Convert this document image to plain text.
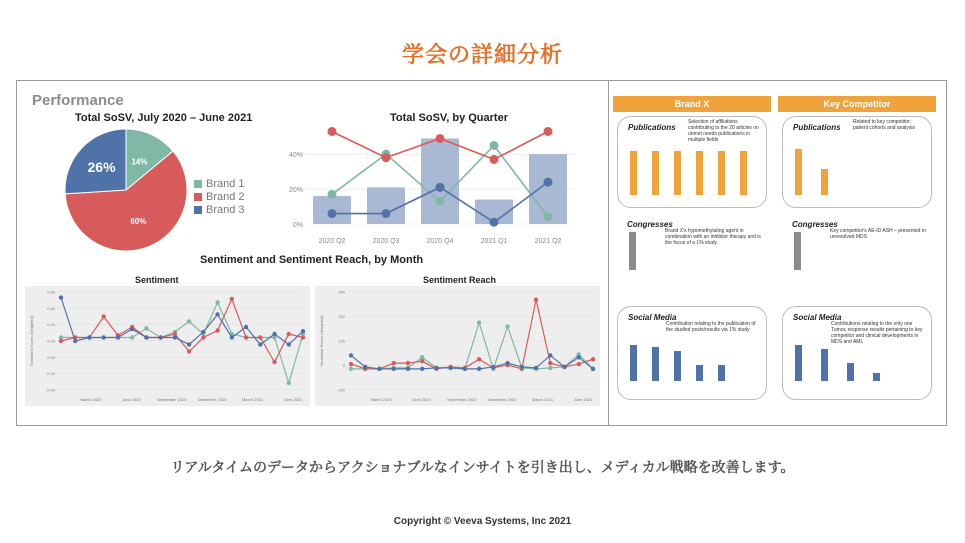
学会の詳細分析
Performance
Total SoSV, July 2020 – June 2021
14%
60%
26%
Brand 1
Brand 2
Brand 3
Total SoSV, by Quarter
0%
20%
40%
2020 Q2	2020 Q3	2020 Q4	2021 Q1	2021 Q2
Sentiment and Sentiment Reach, by Month
Sentiment	Sentiment Reach
0.80
0.60
0.40
0.20
0.00
-0.20
-0.40
Sentiment Score (Weighted)
March 2020	June 2020	September 2020	December 2020	March 2021	June 2021
300
200
100
0
-100
Sentiment Reach (Weighted)
March 2020	June 2020	September 2020	December 2020	March 2021	June 2021
Brand X
Publications
Selection of affiliations contributing to the 20 articles on unmet needs publications in multiple fields
Congresses
Brand X's hypomethylating agent in combination with an inhibitor therapy and is the focus of a 1% study
Social Media
Contribution relating to the publication of the studied posts/results via 1% study
Key Competitor
Publications
Related to key competitor; patient cohorts and analysis
Congresses
Key competitor's AE-ID ASH – presented in unresolved MDS
Social Media
Contributions relating to the only one Tumor, response results pertaining to key competitor and clinical developments in MDS and AML
リアルタイムのデータからアクショナブルなインサイトを引き出し、メディカル戦略を改善します。
Copyright © Veeva Systems, Inc 2021
